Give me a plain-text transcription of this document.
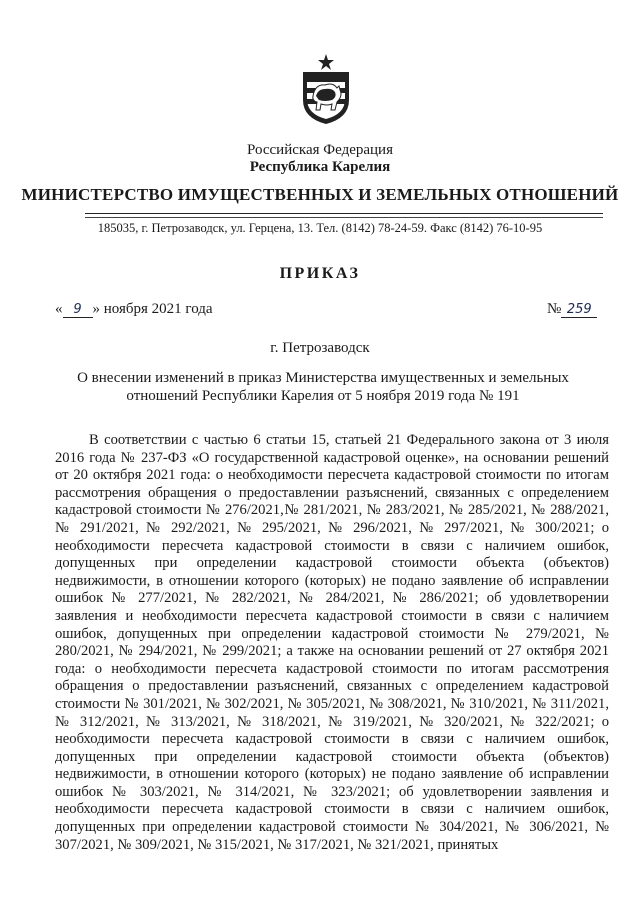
Российская Федерация
Республика Карелия
МИНИСТЕРСТВО ИМУЩЕСТВЕННЫХ И ЗЕМЕЛЬНЫХ ОТНОШЕНИЙ
185035, г. Петрозаводск, ул. Герцена, 13. Тел. (8142) 78-24-59. Факс (8142) 76-10-95
ПРИКАЗ
« 9 » ноября 2021 года	№ 259
г. Петрозаводск
О внесении изменений в приказ Министерства имущественных и земельных отношений Республики Карелия от 5 ноября 2019 года № 191
В соответствии с частью 6 статьи 15, статьей 21 Федерального закона от 3 июля 2016 года № 237-ФЗ «О государственной кадастровой оценке», на основании решений от 20 октября 2021 года: о необходимости пересчета кадастровой стоимости по итогам рассмотрения обращения о предоставлении разъяснений, связанных с определением кадастровой стоимости № 276/2021,№ 281/2021, № 283/2021, № 285/2021, № 288/2021, № 291/2021, № 292/2021, № 295/2021, № 296/2021, № 297/2021, № 300/2021; о необходимости пересчета кадастровой стоимости в связи с наличием ошибок, допущенных при определении кадастровой стоимости объекта (объектов) недвижимости, в отношении которого (которых) не подано заявление об исправлении ошибок № 277/2021, № 282/2021, № 284/2021, № 286/2021; об удовлетворении заявления и необходимости пересчета кадастровой стоимости в связи с наличием ошибок, допущенных при определении кадастровой стоимости № 279/2021, № 280/2021, № 294/2021, № 299/2021; а также на основании решений от 27 октября 2021 года: о необходимости пересчета кадастровой стоимости по итогам рассмотрения обращения о предоставлении разъяснений, связанных с определением кадастровой стоимости № 301/2021, № 302/2021, № 305/2021, № 308/2021, № 310/2021, № 311/2021, № 312/2021, № 313/2021, № 318/2021, № 319/2021, № 320/2021, № 322/2021; о необходимости пересчета кадастровой стоимости в связи с наличием ошибок, допущенных при определении кадастровой стоимости объекта (объектов) недвижимости, в отношении которого (которых) не подано заявление об исправлении ошибок № 303/2021, № 314/2021, № 323/2021; об удовлетворении заявления и необходимости пересчета кадастровой стоимости в связи с наличием ошибок, допущенных при определении кадастровой стоимости № 304/2021, № 306/2021, № 307/2021, № 309/2021, № 315/2021, № 317/2021, № 321/2021, принятых
